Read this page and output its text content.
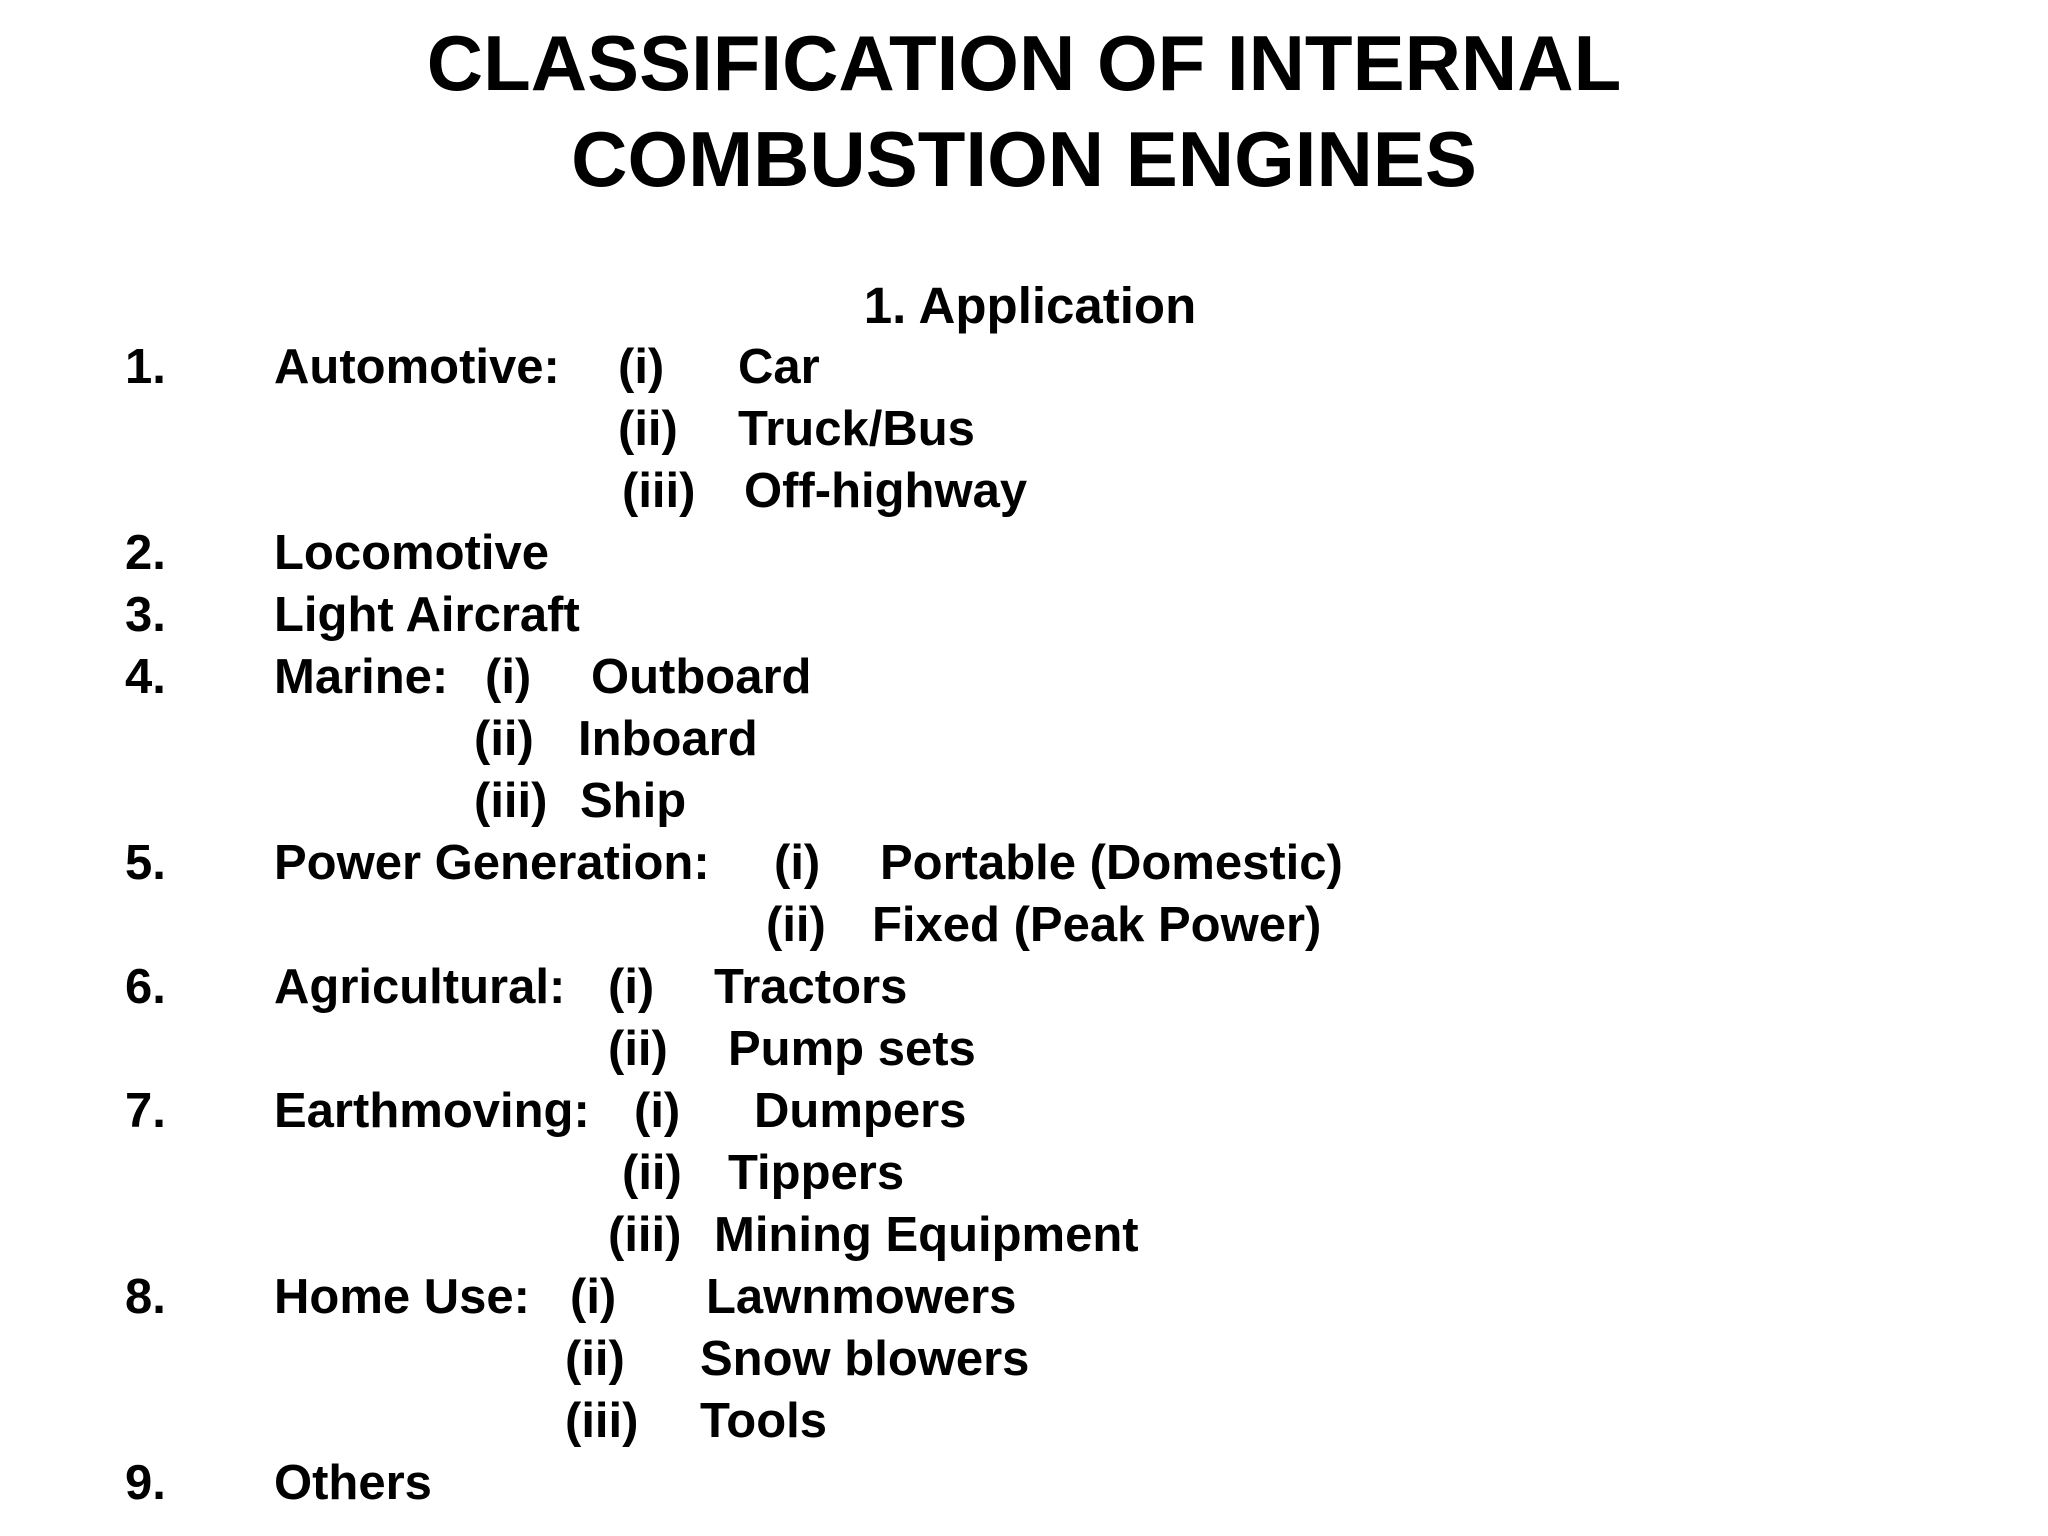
CLASSIFICATION OF INTERNAL
COMBUSTION ENGINES
1. Application
1. Automotive: (i) Car
(ii) Truck/Bus
(iii) Off-highway
2. Locomotive
3. Light Aircraft
4. Marine: (i) Outboard
(ii) Inboard
(iii) Ship
5. Power Generation: (i) Portable (Domestic)
(ii) Fixed (Peak Power)
6. Agricultural: (i) Tractors
(ii) Pump sets
7. Earthmoving: (i) Dumpers
(ii) Tippers
(iii) Mining Equipment
8. Home Use: (i) Lawnmowers
(ii) Snow blowers
(iii) Tools
9. Others
